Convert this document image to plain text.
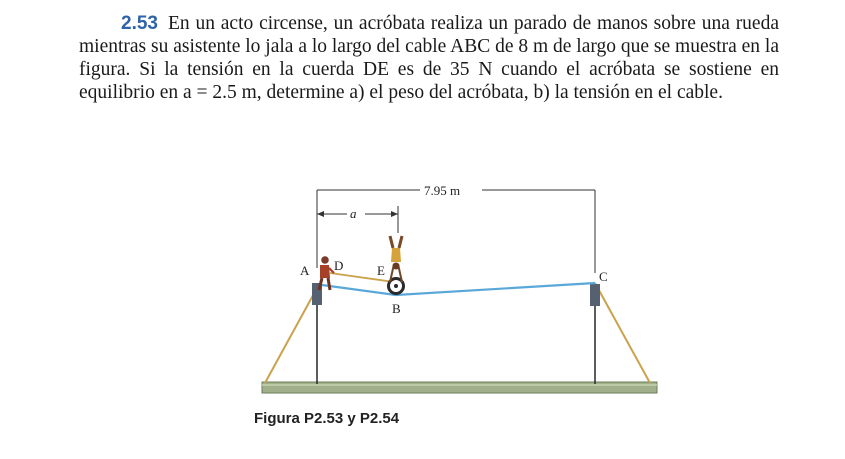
2.53 En un acto circense, un acróbata realiza un parado de manos sobre una rueda mientras su asistente lo jala a lo largo del cable ABC de 8 m de largo que se muestra en la figura. Si la tensión en la cuerda DE es de 35 N cuando el acróbata se sostiene en equilibrio en a = 2.5 m, determine a) el peso del acróbata, b) la tensión en el cable.
7.95 m
a
A D	E
B
C
Figura P2.53 y P2.54
